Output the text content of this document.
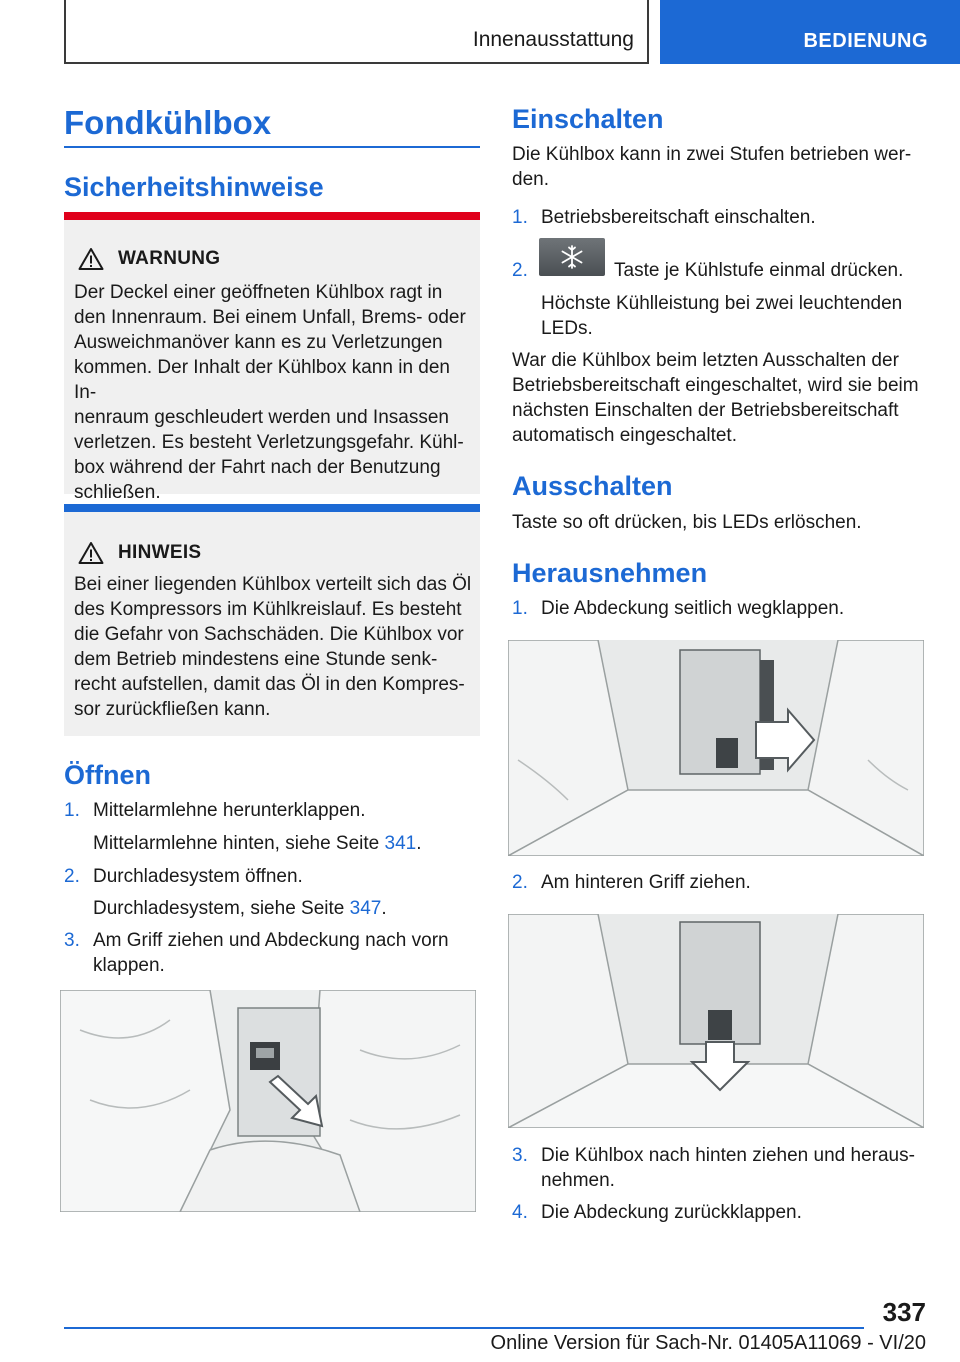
Innenausstattung	BEDIENUNG
Fondkühlbox
Sicherheitshinweise
WARNUNG
Der Deckel einer geöffneten Kühlbox ragt in
den Innenraum. Bei einem Unfall, Brems- oder
Ausweichmanöver kann es zu Verletzungen
kommen. Der Inhalt der Kühlbox kann in den In-
nenraum geschleudert werden und Insassen
verletzen. Es besteht Verletzungsgefahr. Kühl-
box während der Fahrt nach der Benutzung
schließen.
HINWEIS
Bei einer liegenden Kühlbox verteilt sich das Öl
des Kompressors im Kühlkreislauf. Es besteht
die Gefahr von Sachschäden. Die Kühlbox vor
dem Betrieb mindestens eine Stunde senk-
recht aufstellen, damit das Öl in den Kompres-
sor zurückfließen kann.
Öffnen
1. Mittelarmlehne herunterklappen.
Mittelarmlehne hinten, siehe Seite 341.
2. Durchladesystem öffnen.
Durchladesystem, siehe Seite 347.
3. Am Griff ziehen und Abdeckung nach vorn
klappen.
Einschalten
Die Kühlbox kann in zwei Stufen betrieben wer-
den.
1. Betriebsbereitschaft einschalten.
2.	Taste je Kühlstufe einmal drücken.
Höchste Kühlleistung bei zwei leuchtenden
LEDs.
War die Kühlbox beim letzten Ausschalten der
Betriebsbereitschaft eingeschaltet, wird sie beim
nächsten Einschalten der Betriebsbereitschaft
automatisch eingeschaltet.
Ausschalten
Taste so oft drücken, bis LEDs erlöschen.
Herausnehmen
1. Die Abdeckung seitlich wegklappen.
2. Am hinteren Griff ziehen.
3. Die Kühlbox nach hinten ziehen und heraus-
nehmen.
4. Die Abdeckung zurückklappen.
337
Online Version für Sach-Nr. 01405A11069 - VI/20
